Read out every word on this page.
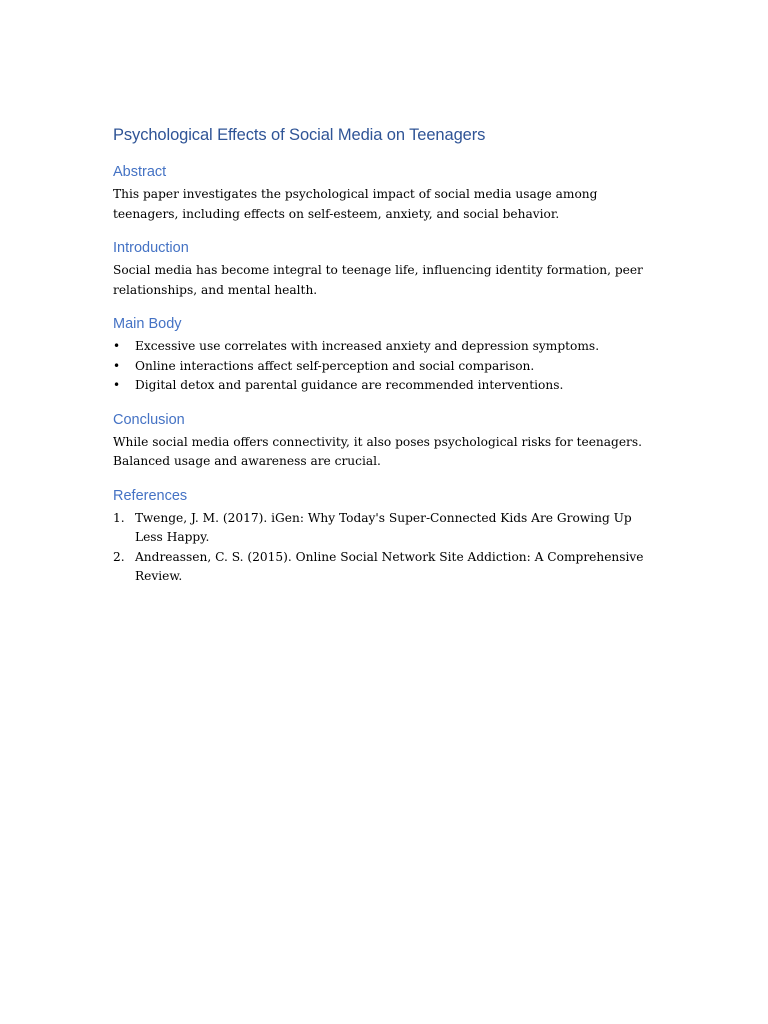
Psychological Effects of Social Media on Teenagers
Abstract

This paper investigates the psychological impact of social media usage among teenagers, including effects on self-esteem, anxiety, and social behavior.

Introduction

Social media has become integral to teenage life, influencing identity formation, peer relationships, and mental health.

Main Body
• Excessive use correlates with increased anxiety and depression symptoms.
• Online interactions affect self-perception and social comparison.
• Digital detox and parental guidance are recommended interventions.
Conclusion

While social media offers connectivity, it also poses psychological risks for teenagers. Balanced usage and awareness are crucial.

References
1. Twenge, J. M. (2017). iGen: Why Today's Super-Connected Kids Are Growing Up Less Happy.
2. Andreassen, C. S. (2015). Online Social Network Site Addiction: A Comprehensive Review.
